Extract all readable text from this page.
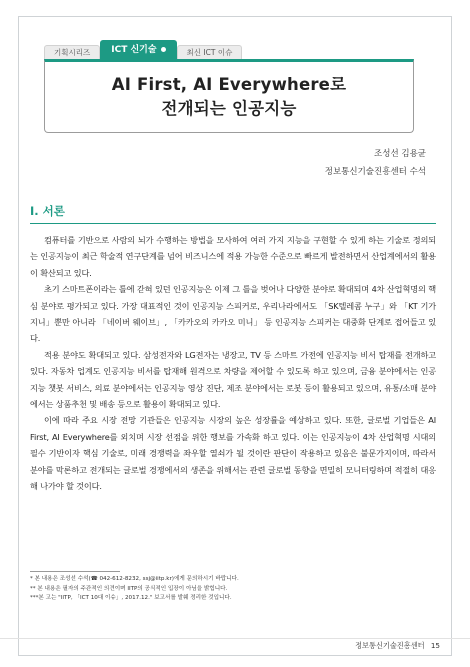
기획시리즈	ICT 신기술	최신 ICT 이슈
AI First, AI Everywhere로
전개되는 인공지능
조성선 김용균
정보통신기술진흥센터 수석
I. 서론

컴퓨터를 기반으로 사람의 뇌가 수행하는 방법을 모사하여 여러 가지 지능을 구현할 수 있게 하는 기술로 정의되는 인공지능이 최근 학술적 연구단계를 넘어 비즈니스에 적용 가능한 수준으로 빠르게 발전하면서 산업계에서의 활용이 확산되고 있다.

초기 스마트폰이라는 틀에 갇혀 있던 인공지능은 이제 그 틀을 벗어나 다양한 분야로 확대되며 4차 산업혁명의 핵심 분야로 평가되고 있다. 가장 대표적인 것이 인공지능 스피커로, 우리나라에서도 「SK텔레콤 누구」와 「KT 기가지니」뿐만 아니라 「네이버 웨이브」, 「카카오의 카카오 미니」 등 인공지능 스피커는 대중화 단계로 접어들고 있다.

적용 분야도 확대되고 있다. 삼성전자와 LG전자는 냉장고, TV 등 스마트 가전에 인공지능 비서 탑재를 전개하고 있다. 자동차 업계도 인공지능 비서를 탑재해 원격으로 차량을 제어할 수 있도록 하고 있으며, 금융 분야에서는 인공지능 챗봇 서비스, 의료 분야에서는 인공지능 영상 진단, 제조 분야에서는 로봇 등이 활용되고 있으며, 유통/소매 분야에서는 상품추천 및 배송 등으로 활용이 확대되고 있다.

이에 따라 주요 시장 전망 기관들은 인공지능 시장의 높은 성장률을 예상하고 있다. 또한, 글로벌 기업들은 AI First, AI Everywhere를 외치며 시장 선점을 위한 행보를 가속화 하고 있다. 이는 인공지능이 4차 산업혁명 시대의 필수 기반이자 핵심 기술로, 미래 경쟁력을 좌우할 열쇠가 될 것이란 판단이 작용하고 있음은 불문가지이며, 따라서 분야를 막론하고 전개되는 글로벌 경쟁에서의 생존을 위해서는 관련 글로벌 동향을 면밀히 모니터링하며 적절히 대응해 나가야 할 것이다.

* 본 내용은 조성선 수석(☎ 042-612-8232, ssj@iitp.kr)에게 문의하시기 바랍니다.
** 본 내용은 필자의 주관적인 의견이며 IITP의 공식적인 입장이 아님을 밝힙니다.
***본 고는 "IITP, 「ICT 10대 이슈」, 2017.12." 보고서를 발췌 정리한 것입니다.
정보통신기술진흥센터 15
